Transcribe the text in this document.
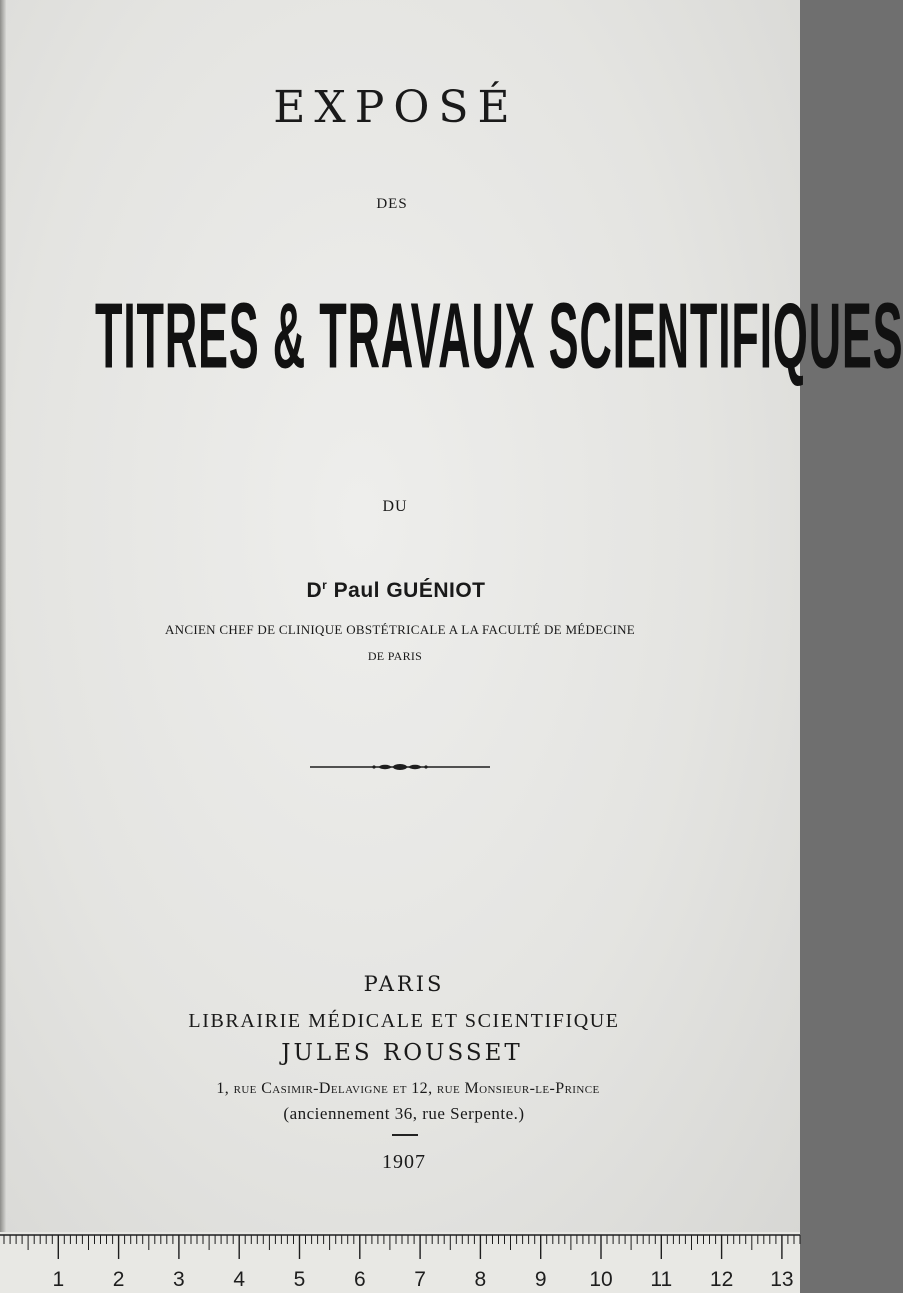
EXPOSÉ
DES
TITRES & TRAVAUX SCIENTIFIQUES
DU
$D^r$ Paul GUÉNIOT
ANCIEN CHEF DE CLINIQUE OBSTÉTRICALE A LA FACULTÉ DE MÉDECINE
DE PARIS
PARIS
LIBRAIRIE MÉDICALE ET SCIENTIFIQUE
JULES ROUSSET
1, rue Casimir-Delavigne et 12, rue Monsieur-le-Prince
(anciennement 36, rue Serpente.)
1907
1 2 3 4 5 6 7 8 9 10 11 12 13
